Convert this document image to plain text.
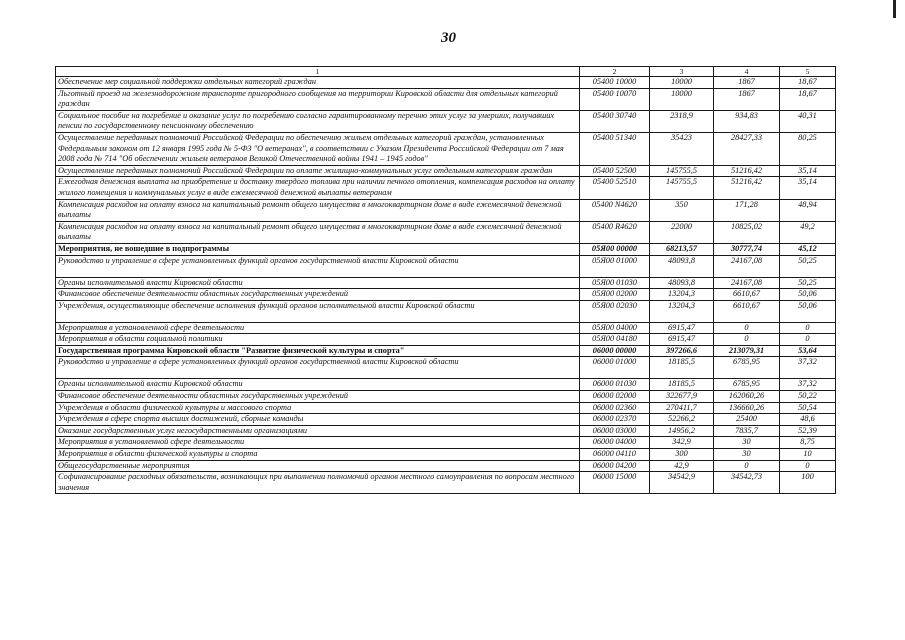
30
1	2	3	4	5
Обеспечение мер социальной поддержки отдельных категорий граждан	05400 10000	10000	1867	18,67
Льготный проезд на железнодорожном транспорте пригородного сообщения на территории Кировской области для отдельных категорий граждан	05400 10070	10000	1867	18,67
Социальное пособие на погребение и оказание услуг по погребению согласно гарантированному перечню этих услуг за умерших, получавших пенсии по государственному пенсионному обеспечению	05400 30740	2318,9	934,83	40,31
Осуществление переданных полномочий Российской Федерации по обеспечению жильем отдельных категорий граждан, установленных Федеральным законом от 12 января 1995 года № 5-ФЗ "О ветеранах", в соответствии с Указом Президента Российской Федерации от 7 мая 2008 года № 714 "Об обеспечении жильем ветеранов Великой Отечественной войны 1941 – 1945 годов"	05400 51340	35423	28427,33	80,25
Осуществление переданных полномочий Российской Федерации по оплате жилищно-коммунальных услуг отдельным категориям граждан	05400 52500	145755,5	51216,42	35,14
Ежегодная денежная выплата на приобретение и доставку твердого топлива при наличии печного отопления, компенсация расходов на оплату жилого помещения и коммунальных услуг в виде ежемесячной денежной выплаты ветеранам	05400 52510	145755,5	51216,42	35,14
Компенсация расходов на оплату взноса на капитальный ремонт общего имущества в многоквартирном доме в виде ежемесячной денежной выплаты	05400 N4620	350	171,28	48,94
Компенсация расходов на оплату взноса на капитальный ремонт общего имущества в многоквартирном доме в виде ежемесячной денежной выплаты	05400 R4620	22000	10825,02	49,2
Мероприятия, не вошедшие в подпрограммы	05Я00 00000	68213,57	30777,74	45,12
Руководство и управление в сфере установленных функций органов государственной власти Кировской области	05Я00 01000	48093,8	24167,08	50,25
Органы исполнительной власти Кировской области	05Я00 01030	48093,8	24167,08	50,25
Финансовое обеспечение деятельности областных государственных учреждений	05Я00 02000	13204,3	6610,67	50,06
Учреждения, осуществляющие обеспечение исполнения функций органов исполнительной власти Кировской области	05Я00 02030	13204,3	6610,67	50,06
Мероприятия в установленной сфере деятельности	05Я00 04000	6915,47	0	0
Мероприятия в области социальной политики	05Я00 04180	6915,47	0	0
Государственная программа Кировской области "Развитие физической культуры и спорта"	06000 00000	397266,6	213079,31	53,64
Руководство и управление в сфере установленных функций органов государственной власти Кировской области	06000 01000	18185,5	6785,95	37,32
Органы исполнительной власти Кировской области	06000 01030	18185,5	6785,95	37,32
Финансовое обеспечение деятельности областных государственных учреждений	06000 02000	322677,9	162060,26	50,22
Учреждения в области физической культуры и массового спорта	06000 02360	270411,7	136660,26	50,54
Учреждения в сфере спорта высших достижений, сборные команды	06000 02370	52266,2	25400	48,6
Оказание государственных услуг негосударственными организациями	06000 03000	14956,2	7835,7	52,39
Мероприятия в установленной сфере деятельности	06000 04000	342,9	30	8,75
Мероприятия в области физической культуры и спорта	06000 04110	300	30	10
Общегосударственные мероприятия	06000 04200	42,9	0	0
Софинансирование расходных обязательств, возникающих при выполнении полномочий органов местного самоуправления по вопросам местного значения	06000 15000	34542,9	34542,73	100
